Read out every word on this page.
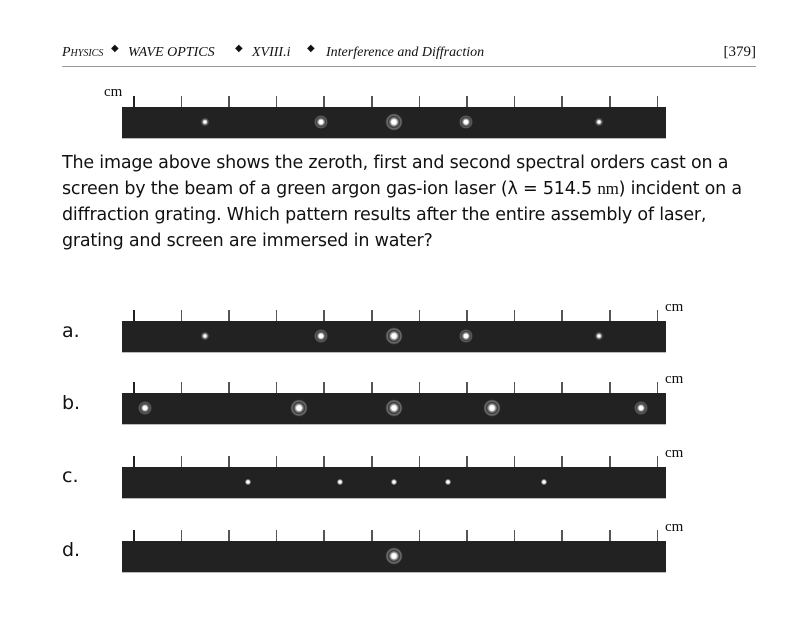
Physics ◆ WAVE OPTICS ◆ XVIII.i ◆ Interference and Diffraction	[379]
cm
The image above shows the zeroth, first and second spectral orders cast on a screen by the beam of a green argon gas-ion laser (λ = 514.5 nm) incident on a diffraction grating. Which pattern results after the entire assembly of laser, grating and screen are immersed in water?
a.
cm
b.
cm
c.
cm
d.
cm
